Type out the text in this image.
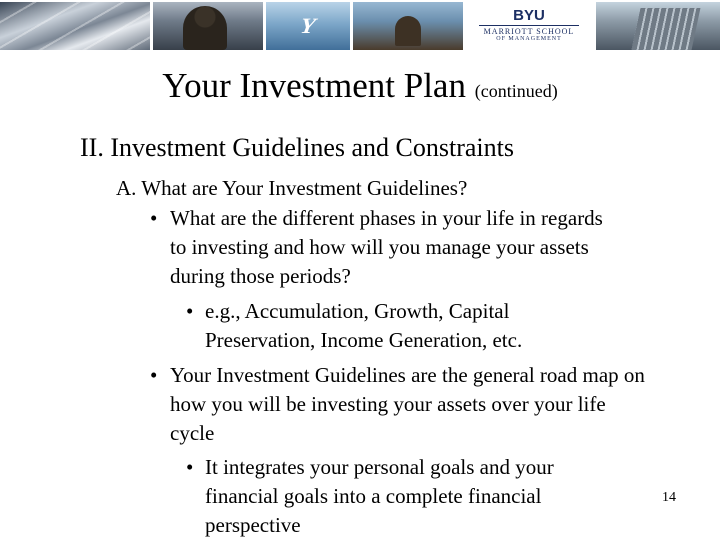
Y	BYU
MARRIOTT SCHOOL
OF MANAGEMENT
Your Investment Plan (continued)
II. Investment Guidelines and Constraints
A. What are Your Investment Guidelines?
• What are the different phases in your life in regards to investing and how will you manage your assets during those periods?
• e.g., Accumulation, Growth, Capital Preservation, Income Generation, etc.
• Your Investment Guidelines are the general road map on how you will be investing your assets over your life cycle
• It integrates your personal goals and your financial goals into a complete financial perspective
14
